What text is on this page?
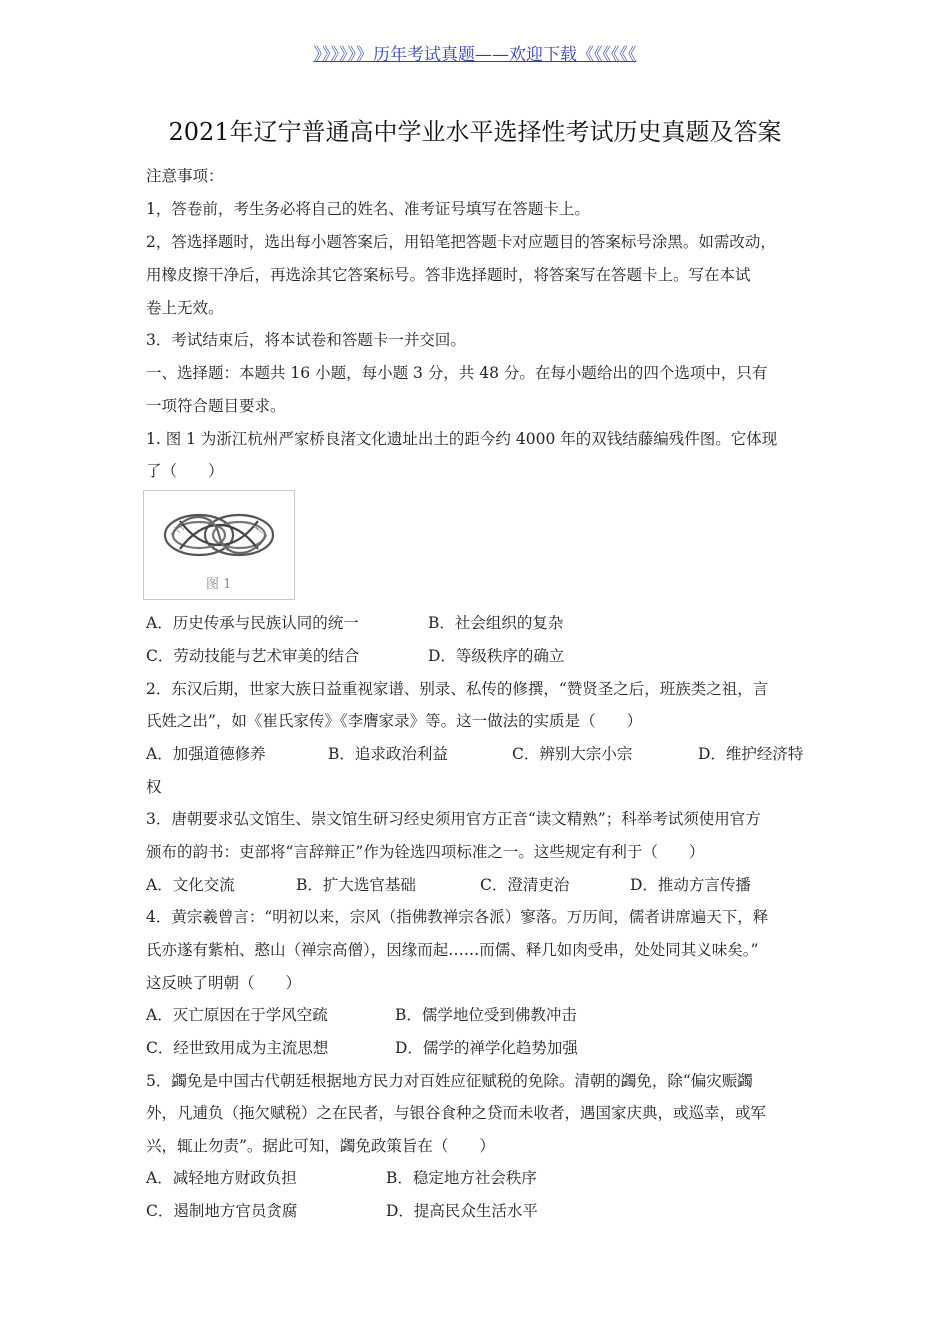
》》》》》》历年考试真题——欢迎下载《《《《《《
2021年辽宁普通高中学业水平选择性考试历史真题及答案
注意事项：
1，答卷前，考生务必将自己的姓名、准考证号填写在答题卡上。
2，答选择题时，选出每小题答案后，用铅笔把答题卡对应题目的答案标号涂黑。如需改动，
用橡皮擦干净后，再选涂其它答案标号。答非选择题时，将答案写在答题卡上。写在本试
卷上无效。
3．考试结束后，将本试卷和答题卡一并交回。
一、选择题：本题共 16 小题，每小题 3 分，共 48 分。在每小题给出的四个选项中，只有
一项符合题目要求。
1. 图 1 为浙江杭州严家桥良渚文化遗址出土的距今约 4000 年的双钱结藤编残件图。它体现
了（　　）
图 1
A．历史传承与民族认同的统一	B．社会组织的复杂
C．劳动技能与艺术审美的结合	D．等级秩序的确立
2．东汉后期，世家大族日益重视家谱、别录、私传的修撰，“赞贤圣之后，班族类之祖，言
氏姓之出”，如《崔氏家传》《李膺家录》等。这一做法的实质是（　　）
A．加强道德修养	B．追求政治利益	C．辨别大宗小宗	D．维护经济特
权
3．唐朝要求弘文馆生、崇文馆生研习经史须用官方正音“读文精熟”；科举考试须使用官方
颁布的韵书：吏部将“言辞辩正”作为铨选四项标准之一。这些规定有利于（　　）
A．文化交流	B．扩大选官基础	C．澄清吏治	D．推动方言传播
4．黄宗羲曾言：“明初以来，宗风（指佛教禅宗各派）寥落。万历间，儒者讲席遍天下，释
氏亦遂有紫柏、憨山（禅宗高僧），因缘而起……而儒、释几如肉受串，处处同其义味矣。”
这反映了明朝（　　）
A．灭亡原因在于学风空疏	B．儒学地位受到佛教冲击
C．经世致用成为主流思想	D．儒学的禅学化趋势加强
5．蠲免是中国古代朝廷根据地方民力对百姓应征赋税的免除。清朝的蠲免，除“偏灾赈蠲
外，凡逋负（拖欠赋税）之在民者，与银谷食种之贷而未收者，遇国家庆典，或巡幸，或军
兴，辄止勿责”。据此可知，蠲免政策旨在（　　）
A．减轻地方财政负担	B．稳定地方社会秩序
C．遏制地方官员贪腐	D．提高民众生活水平
